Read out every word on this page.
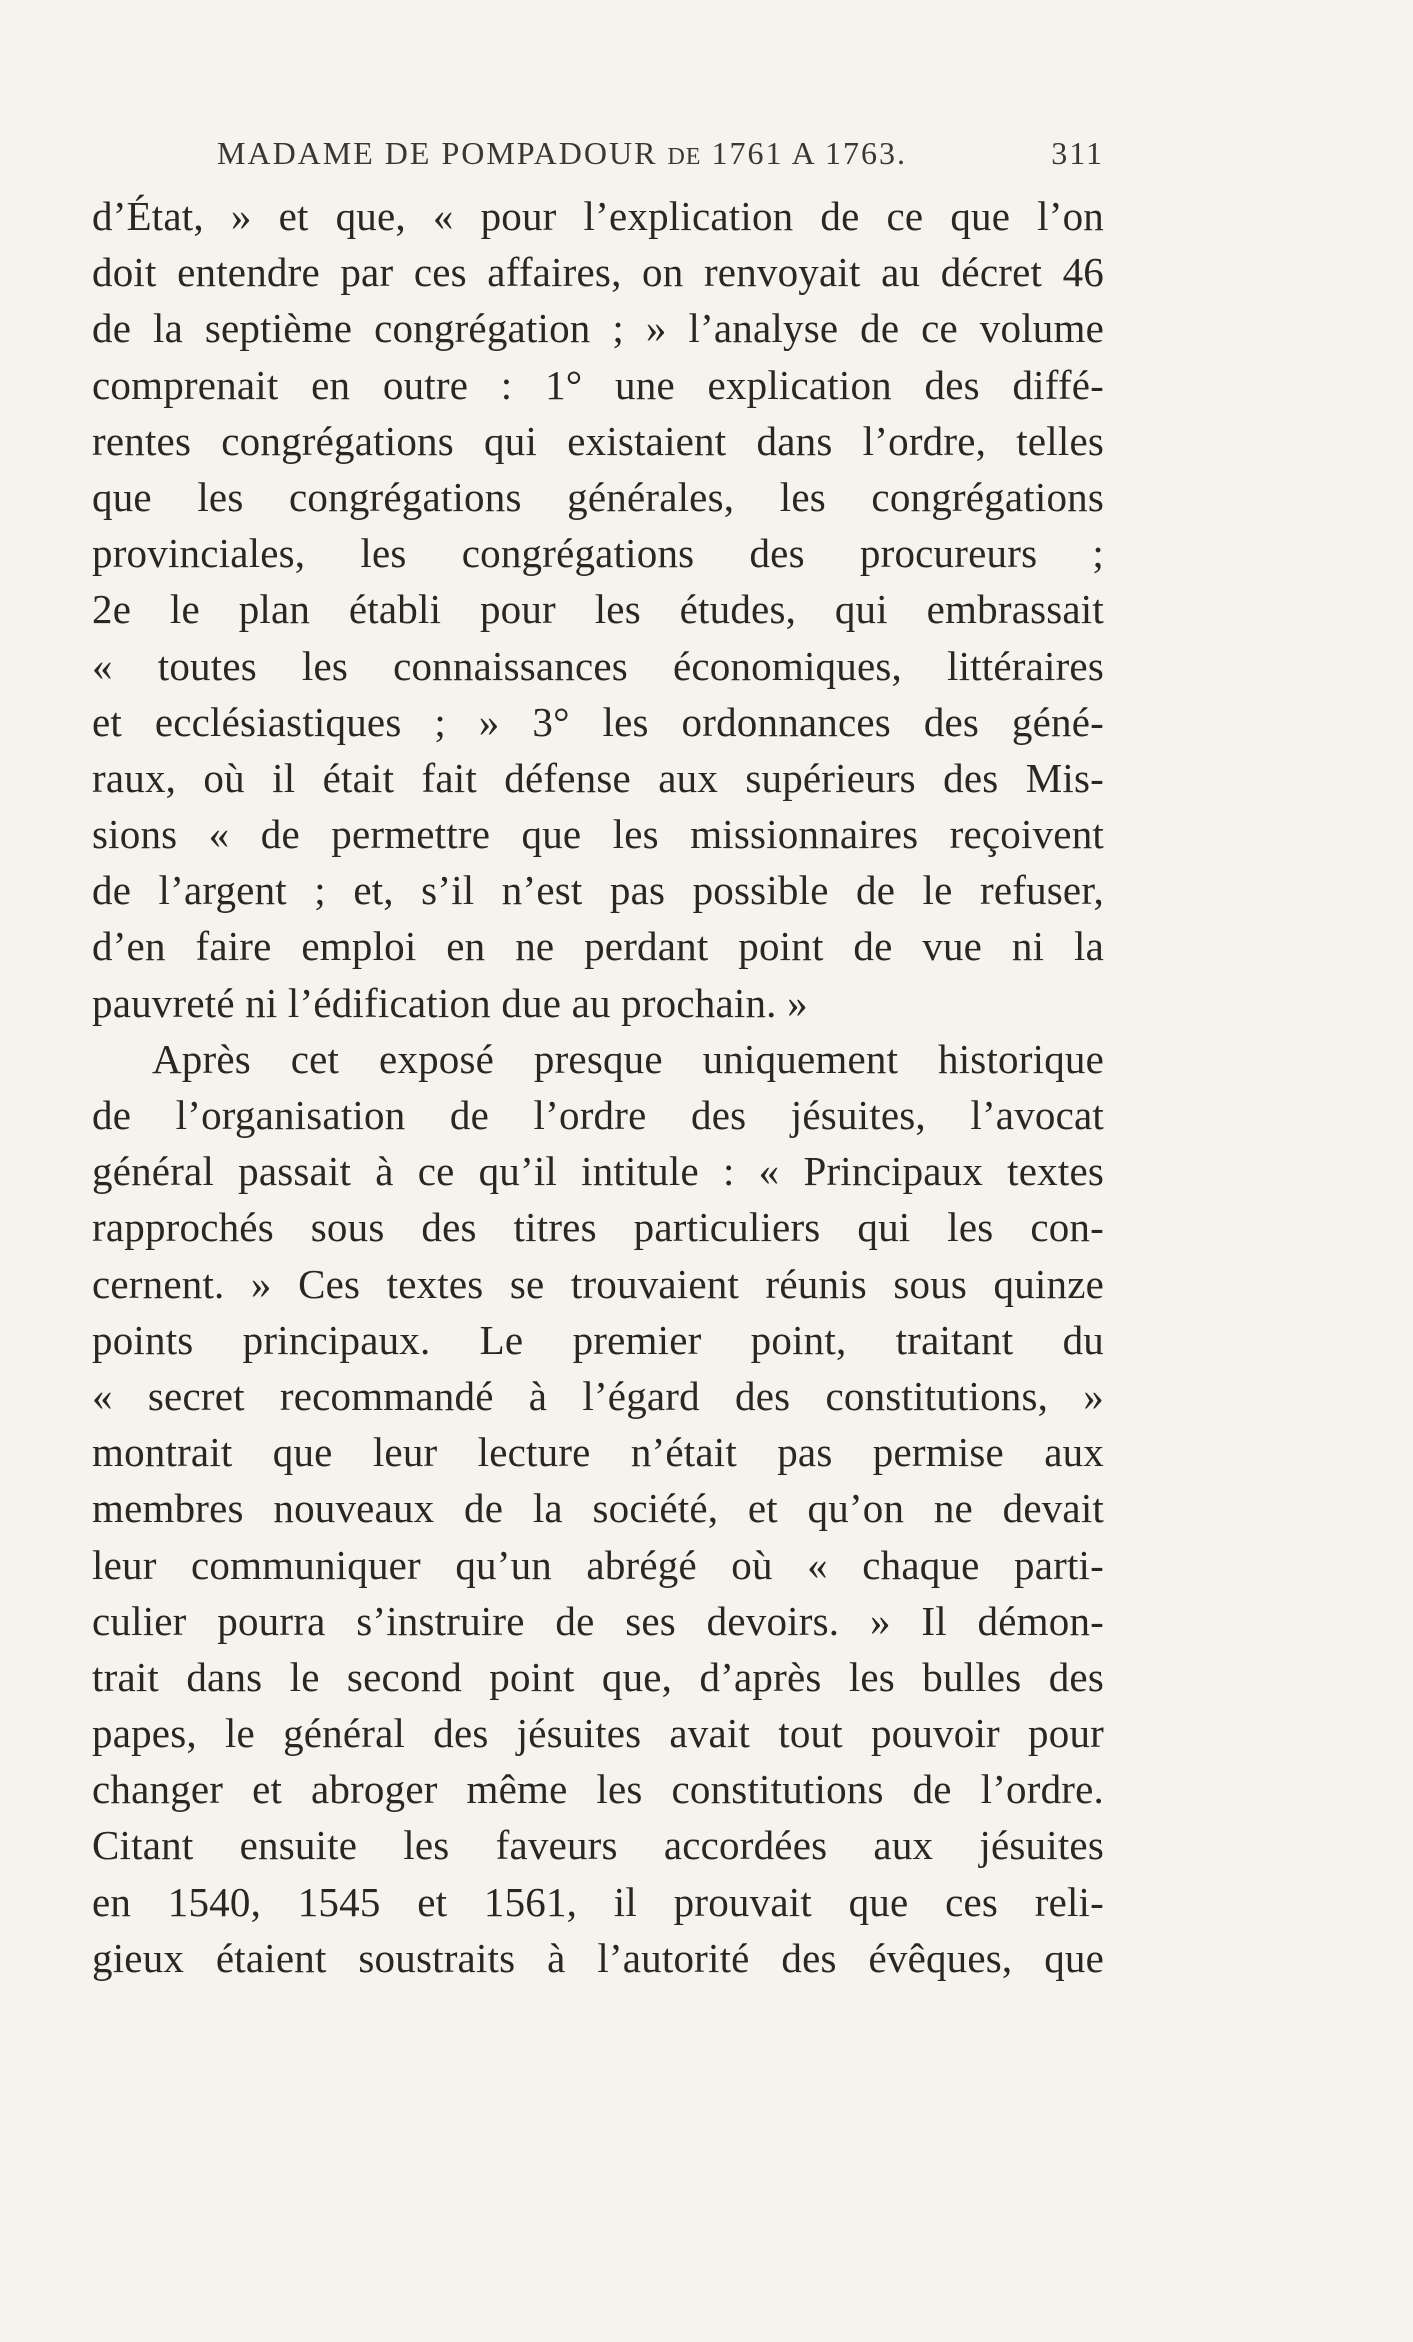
MADAME DE POMPADOUR DE 1761 A 1763.	311
d’État, » et que, « pour l’explication de ce que l’on
doit entendre par ces affaires, on renvoyait au décret 46
de la septième congrégation ; » l’analyse de ce volume
comprenait en outre : 1° une explication des diffé-
rentes congrégations qui existaient dans l’ordre, telles
que les congrégations générales, les congrégations
provinciales, les congrégations des procureurs ;
2e le plan établi pour les études, qui embrassait
« toutes les connaissances économiques, littéraires
et ecclésiastiques ; » 3° les ordonnances des géné-
raux, où il était fait défense aux supérieurs des Mis-
sions « de permettre que les missionnaires reçoivent
de l’argent ; et, s’il n’est pas possible de le refuser,
d’en faire emploi en ne perdant point de vue ni la
pauvreté ni l’édification due au prochain. »
Après cet exposé presque uniquement historique
de l’organisation de l’ordre des jésuites, l’avocat
général passait à ce qu’il intitule : « Principaux textes
rapprochés sous des titres particuliers qui les con-
cernent. » Ces textes se trouvaient réunis sous quinze
points principaux. Le premier point, traitant du
« secret recommandé à l’égard des constitutions, »
montrait que leur lecture n’était pas permise aux
membres nouveaux de la société, et qu’on ne devait
leur communiquer qu’un abrégé où « chaque parti-
culier pourra s’instruire de ses devoirs. » Il démon-
trait dans le second point que, d’après les bulles des
papes, le général des jésuites avait tout pouvoir pour
changer et abroger même les constitutions de l’ordre.
Citant ensuite les faveurs accordées aux jésuites
en 1540, 1545 et 1561, il prouvait que ces reli-
gieux étaient soustraits à l’autorité des évêques, que
